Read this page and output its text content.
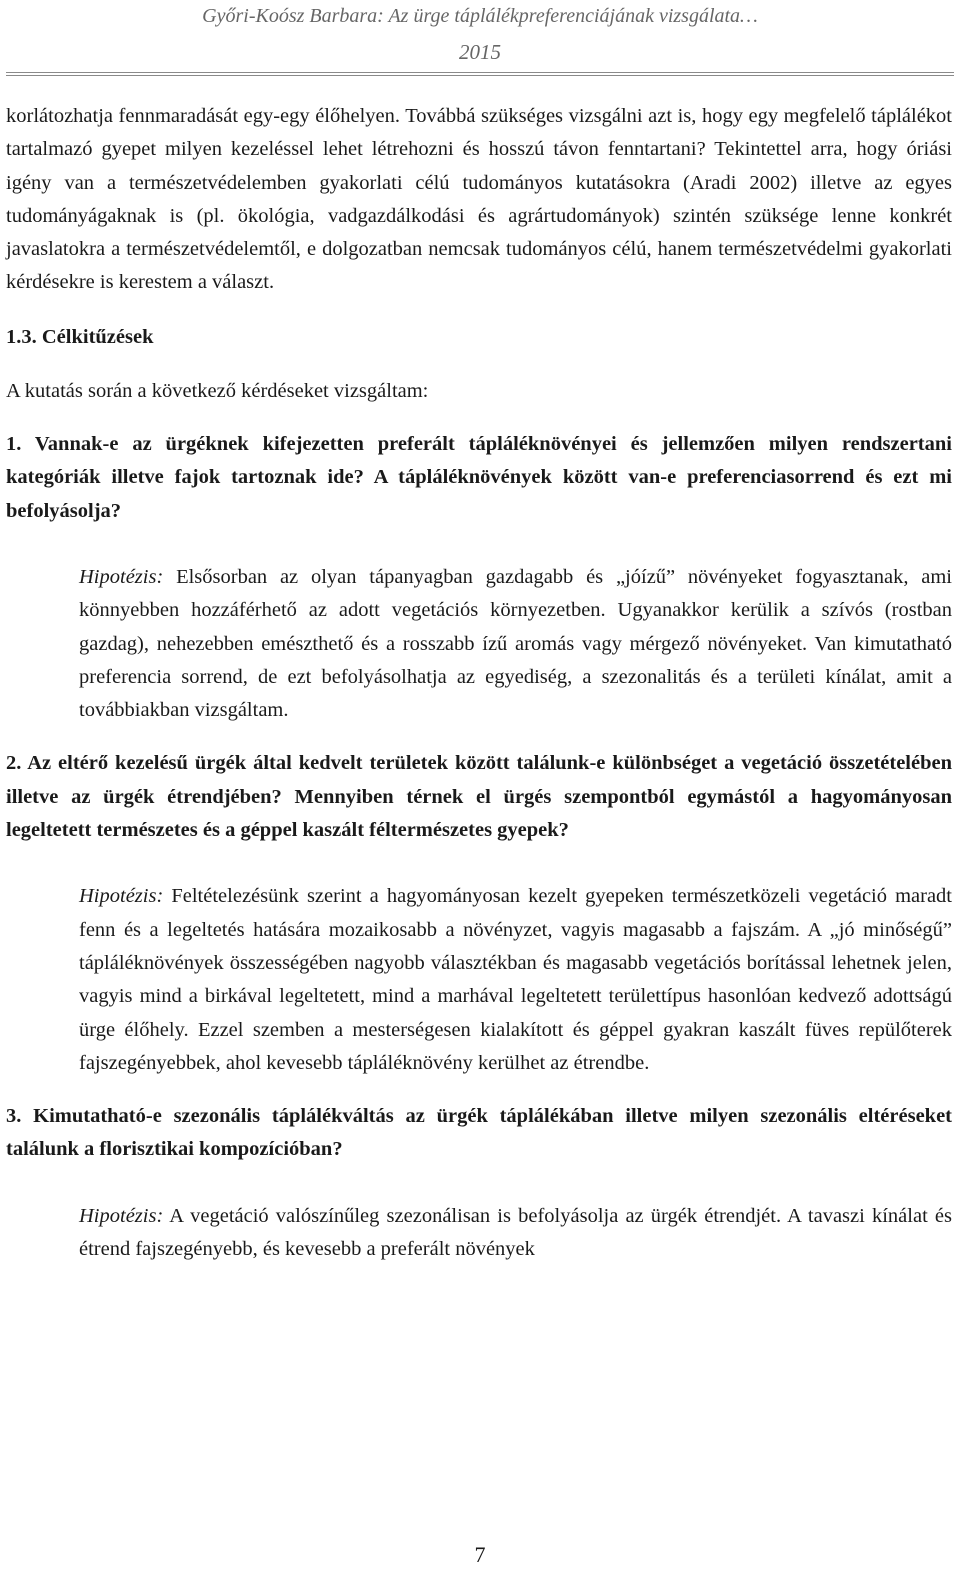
Győri-Koósz Barbara: Az ürge táplálékpreferenciájának vizsgálata…
2015

korlátozhatja fennmaradását egy-egy élőhelyen. Továbbá szükséges vizsgálni azt is, hogy egy megfelelő táplálékot tartalmazó gyepet milyen kezeléssel lehet létrehozni és hosszú távon fenntartani? Tekintettel arra, hogy óriási igény van a természetvédelemben gyakorlati célú tudományos kutatásokra (Aradi 2002) illetve az egyes tudományágaknak is (pl. ökológia, vadgazdálkodási és agrártudományok) szintén szüksége lenne konkrét javaslatokra a természetvédelemtől, e dolgozatban nemcsak tudományos célú, hanem természetvédelmi gyakorlati kérdésekre is kerestem a választ.

1.3. Célkitűzések

A kutatás során a következő kérdéseket vizsgáltam:

1. Vannak-e az ürgéknek kifejezetten preferált tápláléknövényei és jellemzően milyen rendszertani kategóriák illetve fajok tartoznak ide? A tápláléknövények között van-e preferenciasorrend és ezt mi befolyásolja?

Hipotézis: Elsősorban az olyan tápanyagban gazdagabb és „jóízű” növényeket fogyasztanak, ami könnyebben hozzáférhető az adott vegetációs környezetben. Ugyanakkor kerülik a szívós (rostban gazdag), nehezebben emészthető és a rosszabb ízű aromás vagy mérgező növényeket. Van kimutatható preferencia sorrend, de ezt befolyásolhatja az egyediség, a szezonalitás és a területi kínálat, amit a továbbiakban vizsgáltam.

2. Az eltérő kezelésű ürgék által kedvelt területek között találunk-e különbséget a vegetáció összetételében illetve az ürgék étrendjében? Mennyiben térnek el ürgés szempontból egymástól a hagyományosan legeltetett természetes és a géppel kaszált féltermészetes gyepek?

Hipotézis: Feltételezésünk szerint a hagyományosan kezelt gyepeken természetközeli vegetáció maradt fenn és a legeltetés hatására mozaikosabb a növényzet, vagyis magasabb a fajszám. A „jó minőségű” tápláléknövények összességében nagyobb választékban és magasabb vegetációs borítással lehetnek jelen, vagyis mind a birkával legeltetett, mind a marhával legeltetett területtípus hasonlóan kedvező adottságú ürge élőhely. Ezzel szemben a mesterségesen kialakított és géppel gyakran kaszált füves repülőterek fajszegényebbek, ahol kevesebb tápláléknövény kerülhet az étrendbe.

3. Kimutatható-e szezonális táplálékváltás az ürgék táplálékában illetve milyen szezonális eltéréseket találunk a florisztikai kompozícióban?

Hipotézis: A vegetáció valószínűleg szezonálisan is befolyásolja az ürgék étrendjét. A tavaszi kínálat és étrend fajszegényebb, és kevesebb a preferált növények

7
